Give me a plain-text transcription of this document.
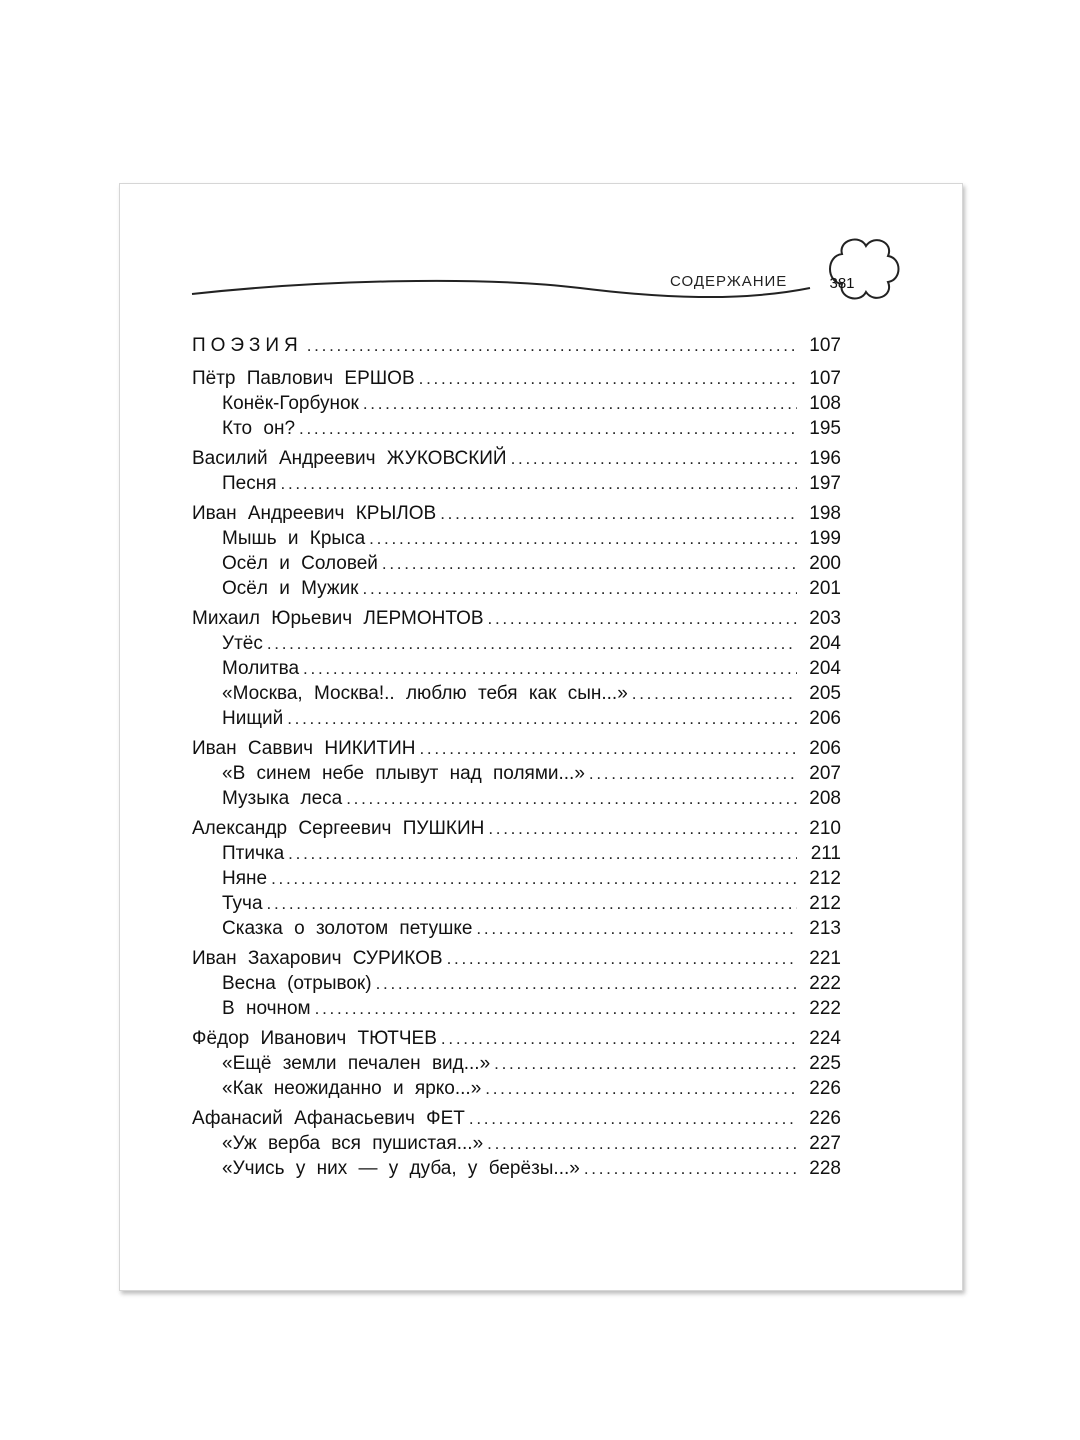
СОДЕРЖАНИЕ	381
ПОЭЗИЯ . . .	107
Пётр Павлович ЕРШОВ . . .	107
Конёк-Горбунок . . .	108
Кто он? . . .	195
Василий Андреевич ЖУКОВСКИЙ . . .	196
Песня . . .	197
Иван Андреевич КРЫЛОВ . . .	198
Мышь и Крыса . . .	199
Осёл и Соловей . . .	200
Осёл и Мужик . . .	201
Михаил Юрьевич ЛЕРМОНТОВ . . .	203
Утёс . . .	204
Молитва . . .	204
«Москва, Москва!.. люблю тебя как сын...» . . .	205
Нищий . . .	206
Иван Саввич НИКИТИН . . .	206
«В синем небе плывут над полями...» . . .	207
Музыка леса . . .	208
Александр Сергеевич ПУШКИН . . .	210
Птичка . . .	211
Няне . . .	212
Туча . . .	212
Сказка о золотом петушке . . .	213
Иван Захарович СУРИКОВ . . .	221
Весна (отрывок) . . .	222
В ночном . . .	222
Фёдор Иванович ТЮТЧЕВ . . .	224
«Ещё земли печален вид...» . . .	225
«Как неожиданно и ярко...» . . .	226
Афанасий Афанасьевич ФЕТ . . .	226
«Уж верба вся пушистая...» . . .	227
«Учись у них — у дуба, у берёзы...» . . .	228
